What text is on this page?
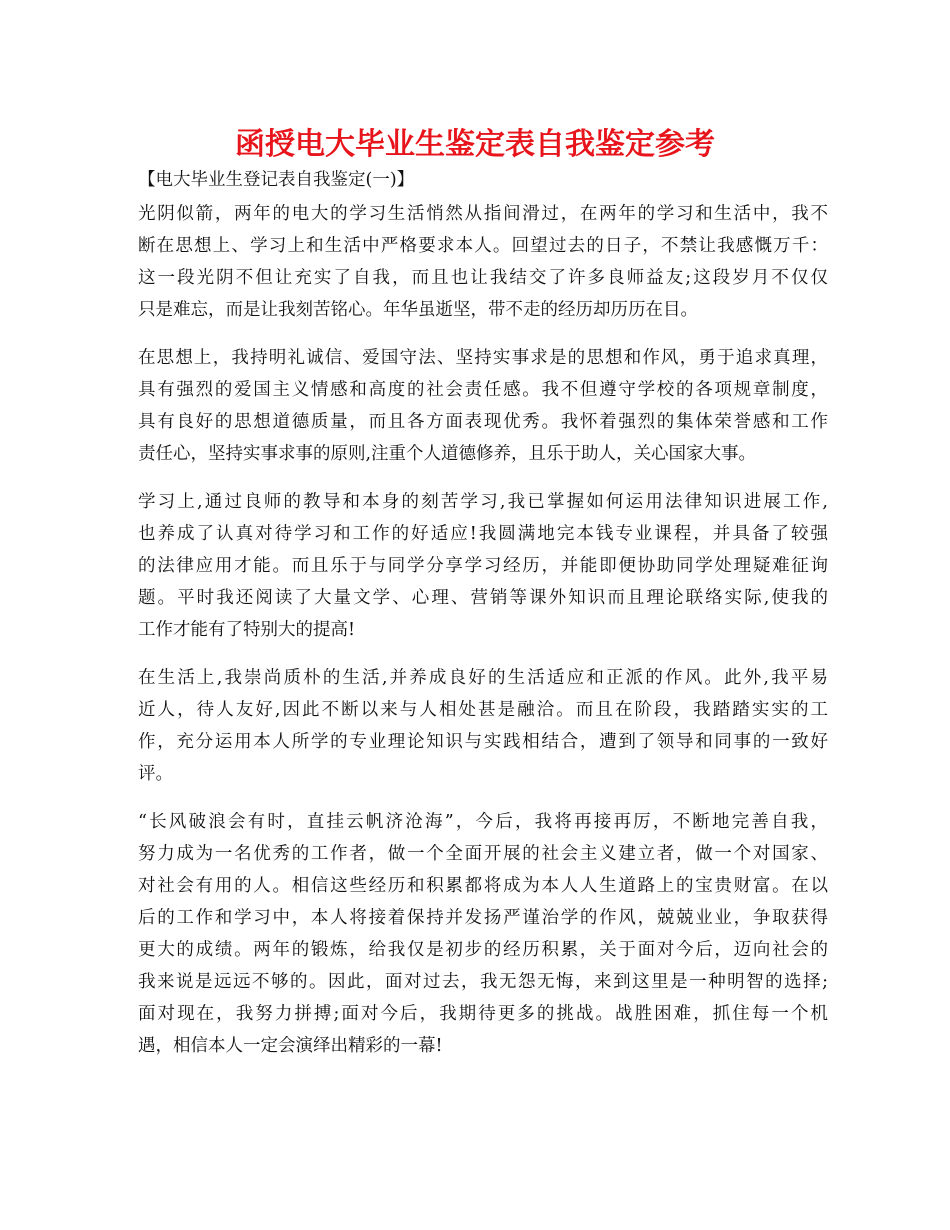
函授电大毕业生鉴定表自我鉴定参考
【电大毕业生登记表自我鉴定(一)】
光阴似箭，两年的电大的学习生活悄然从指间滑过，在两年的学习和生活中，我不
断在思想上、学习上和生活中严格要求本人。回望过去的日子，不禁让我感慨万千：
这一段光阴不但让充实了自我，而且也让我结交了许多良师益友;这段岁月不仅仅
只是难忘，而是让我刻苦铭心。年华虽逝坚，带不走的经历却历历在目。
在思想上，我持明礼诚信、爱国守法、坚持实事求是的思想和作风，勇于追求真理，
具有强烈的爱国主义情感和高度的社会责任感。我不但遵守学校的各项规章制度，
具有良好的思想道德质量，而且各方面表现优秀。我怀着强烈的集体荣誉感和工作
责任心，坚持实事求事的原则,注重个人道德修养，且乐于助人，关心国家大事。
学习上,通过良师的教导和本身的刻苦学习,我已掌握如何运用法律知识进展工作,
也养成了认真对待学习和工作的好适应!我圆满地完本钱专业课程，并具备了较强
的法律应用才能。而且乐于与同学分享学习经历，并能即便协助同学处理疑难征询
题。平时我还阅读了大量文学、心理、营销等课外知识而且理论联络实际,使我的
工作才能有了特别大的提高!
在生活上,我崇尚质朴的生活,并养成良好的生活适应和正派的作风。此外,我平易
近人，待人友好,因此不断以来与人相处甚是融洽。而且在阶段，我踏踏实实的工
作，充分运用本人所学的专业理论知识与实践相结合，遭到了领导和同事的一致好
评。
“长风破浪会有时，直挂云帆济沧海”，今后，我将再接再厉，不断地完善自我，
努力成为一名优秀的工作者，做一个全面开展的社会主义建立者，做一个对国家、
对社会有用的人。相信这些经历和积累都将成为本人人生道路上的宝贵财富。在以
后的工作和学习中，本人将接着保持并发扬严谨治学的作风，兢兢业业，争取获得
更大的成绩。两年的锻炼，给我仅是初步的经历积累，关于面对今后，迈向社会的
我来说是远远不够的。因此，面对过去，我无怨无悔，来到这里是一种明智的选择;
面对现在，我努力拼搏;面对今后，我期待更多的挑战。战胜困难，抓住每一个机
遇，相信本人一定会演绎出精彩的一幕!
